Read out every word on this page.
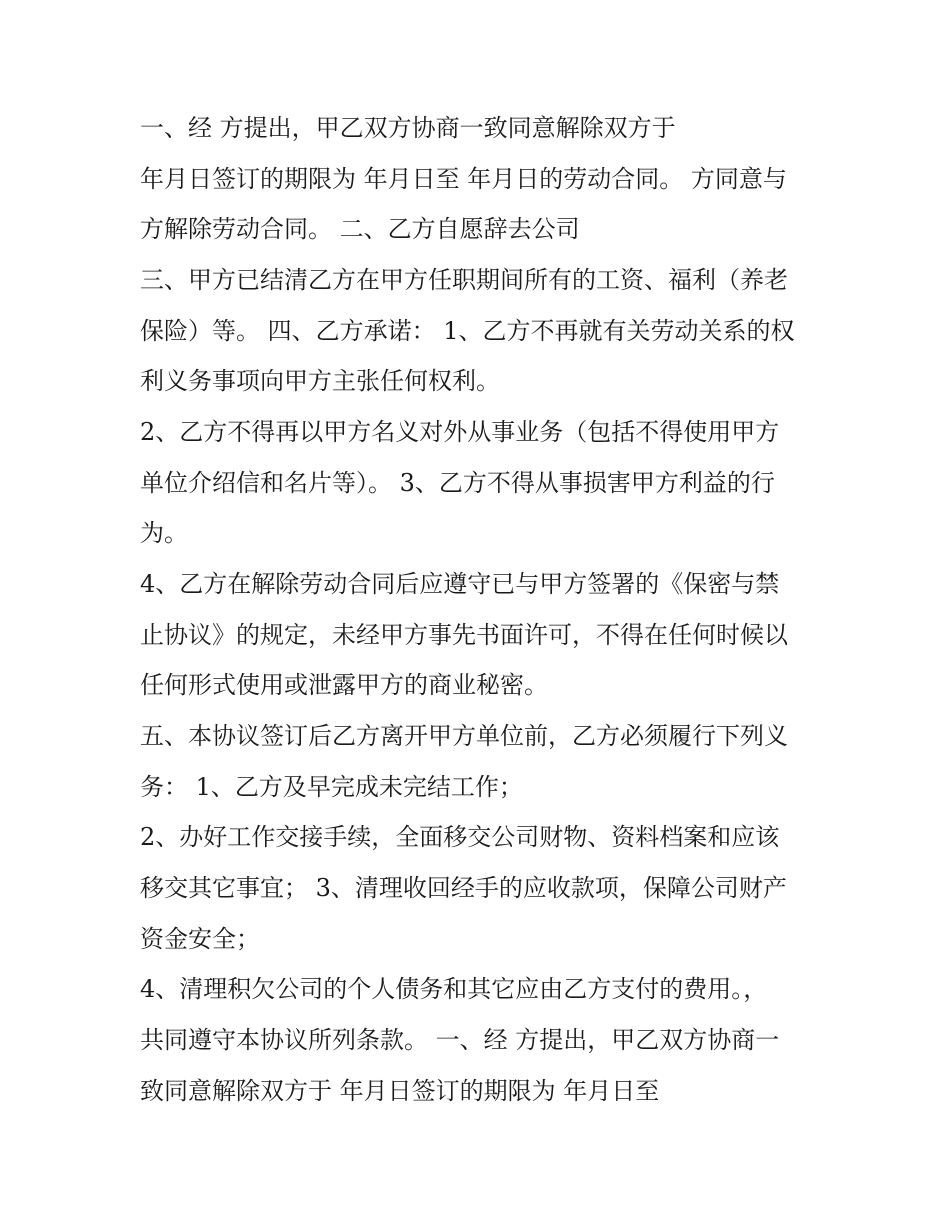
一、经 方提出，甲乙双方协商一致同意解除双方于
年月日签订的期限为 年月日至 年月日的劳动合同。 方同意与
方解除劳动合同。 二、乙方自愿辞去公司
三、甲方已结清乙方在甲方任职期间所有的工资、福利（养老
保险）等。 四、乙方承诺： 1、乙方不再就有关劳动关系的权
利义务事项向甲方主张任何权利。
2、乙方不得再以甲方名义对外从事业务（包括不得使用甲方
单位介绍信和名片等）。 3、乙方不得从事损害甲方利益的行
为。
4、乙方在解除劳动合同后应遵守已与甲方签署的《保密与禁
止协议》的规定，未经甲方事先书面许可，不得在任何时候以
任何形式使用或泄露甲方的商业秘密。
五、本协议签订后乙方离开甲方单位前，乙方必须履行下列义
务： 1、乙方及早完成未完结工作；
2、办好工作交接手续，全面移交公司财物、资料档案和应该
移交其它事宜； 3、清理收回经手的应收款项，保障公司财产
资金安全；
4、清理积欠公司的个人债务和其它应由乙方支付的费用。，
共同遵守本协议所列条款。 一、经 方提出，甲乙双方协商一
致同意解除双方于 年月日签订的期限为 年月日至
